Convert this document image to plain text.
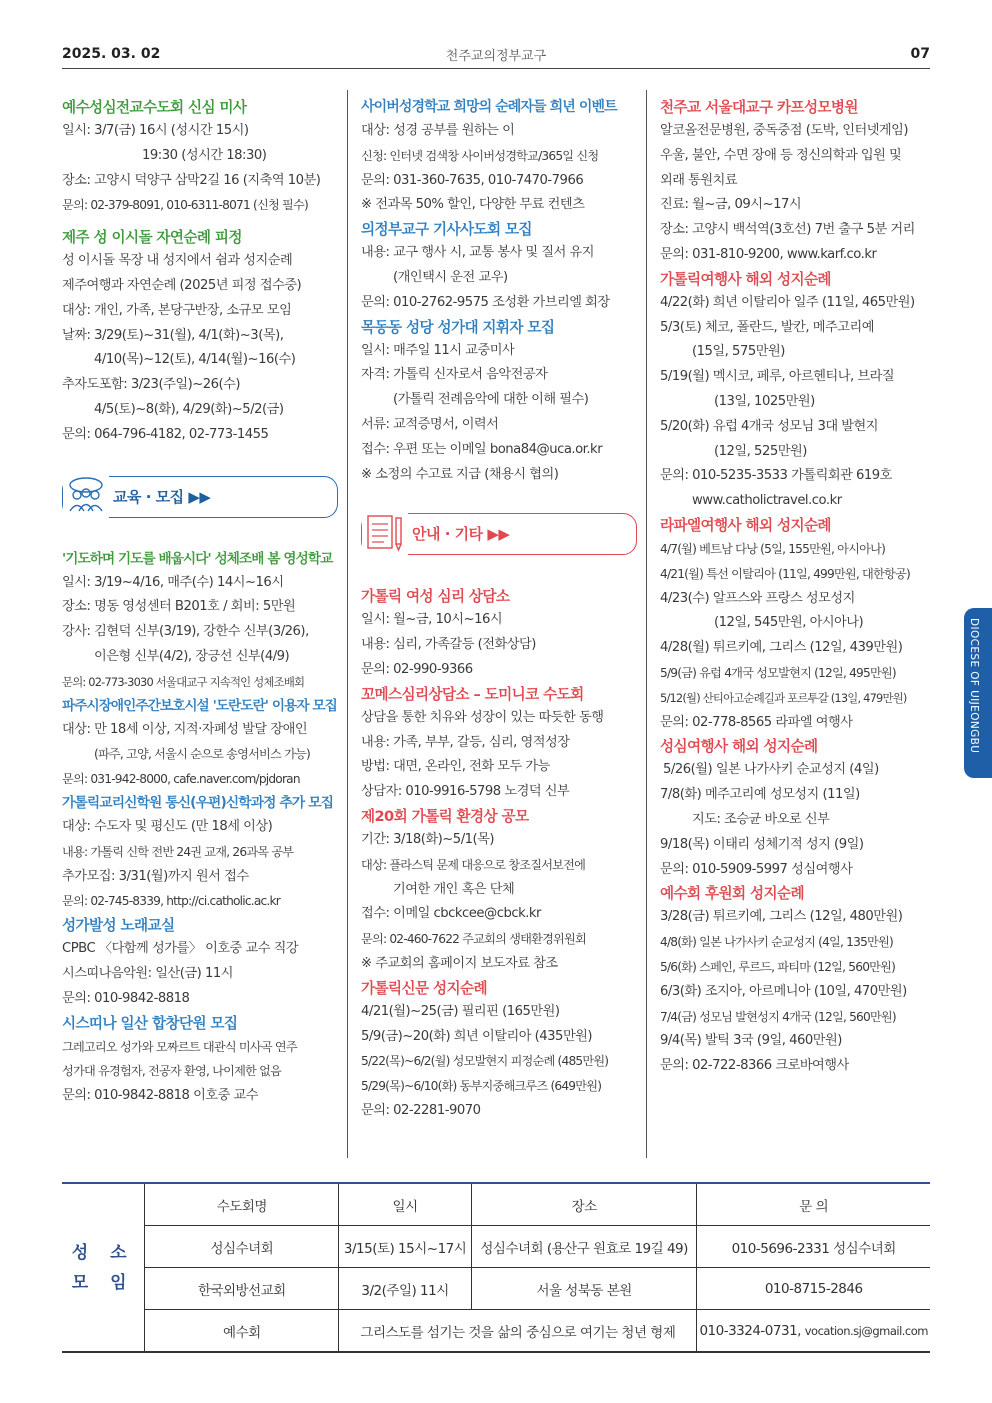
2025. 03. 02	천주교의정부교구	07

예수성심전교수도회 신심 미사

일시: 3/7(금) 16시 (성시간 15시)

19:30 (성시간 18:30)

장소: 고양시 덕양구 삼막2길 16 (지축역 10분)

문의: 02-379-8091, 010-6311-8071 (신청 필수)

제주 성 이시돌 자연순례 피정

성 이시돌 목장 내 성지에서 쉼과 성지순례

제주여행과 자연순례 (2025년 피정 접수중)

대상: 개인, 가족, 본당구반장, 소규모 모임

날짜: 3/29(토)~31(월), 4/1(화)~3(목),

4/10(목)~12(토), 4/14(월)~16(수)

추자도포함: 3/23(주일)~26(수)

4/5(토)~8(화), 4/29(화)~5/2(금)

문의: 064-796-4182, 02-773-1455

교육 · 모집 ▶▶

'기도하며 기도를 배웁시다' 성체조배 봄 영성학교

일시: 3/19~4/16, 매주(수) 14시~16시

장소: 명동 영성센터 B201호 / 회비: 5만원

강사: 김현덕 신부(3/19), 강한수 신부(3/26),

이은형 신부(4/2), 장긍선 신부(4/9)

문의: 02-773-3030 서울대교구 지속적인 성체조배회

파주시장애인주간보호시설 '도란도란' 이용자 모집

대상: 만 18세 이상, 지적·자폐성 발달 장애인

(파주, 고양, 서울시 순으로 송영서비스 가능)

문의: 031-942-8000, cafe.naver.com/pjdoran

가톨릭교리신학원 통신(우편)신학과정 추가 모집

대상: 수도자 및 평신도 (만 18세 이상)

내용: 가톨릭 신학 전반 24권 교재, 26과목 공부

추가모집: 3/31(월)까지 원서 접수

문의: 02-745-8339, http://ci.catholic.ac.kr

성가발성 노래교실

CPBC 〈다함께 성가를〉 이호중 교수 직강

시스띠나음악원: 일산(금) 11시

문의: 010-9842-8818

시스띠나 일산 합창단원 모집

그레고리오 성가와 모짜르트 대관식 미사곡 연주

성가대 유경험자, 전공자 환영, 나이제한 없음

문의: 010-9842-8818 이호중 교수

사이버성경학교 희망의 순례자들 희년 이벤트

대상: 성경 공부를 원하는 이

신청: 인터넷 검색창 사이버성경학교/365일 신청

문의: 031-360-7635, 010-7470-7966

※ 전과목 50% 할인, 다양한 무료 컨텐츠

의정부교구 기사사도회 모집

내용: 교구 행사 시, 교통 봉사 및 질서 유지

(개인택시 운전 교우)

문의: 010-2762-9575 조성환 가브리엘 회장

목동동 성당 성가대 지휘자 모집

일시: 매주일 11시 교중미사

자격: 가톨릭 신자로서 음악전공자

(가톨릭 전례음악에 대한 이해 필수)

서류: 교적증명서, 이력서

접수: 우편 또는 이메일 bona84@uca.or.kr

※ 소정의 수고료 지급 (채용시 협의)

안내 · 기타 ▶▶

가톨릭 여성 심리 상담소

일시: 월~금, 10시~16시

내용: 심리, 가족갈등 (전화상담)

문의: 02-990-9366

꼬메스심리상담소 – 도미니코 수도회

상담을 통한 치유와 성장이 있는 따듯한 동행

내용: 가족, 부부, 갈등, 심리, 영적성장

방법: 대면, 온라인, 전화 모두 가능

상담자: 010-9916-5798 노경덕 신부

제20회 가톨릭 환경상 공모

기간: 3/18(화)~5/1(목)

대상: 플라스틱 문제 대응으로 창조질서보전에

기여한 개인 혹은 단체

접수: 이메일 cbckcee@cbck.kr

문의: 02-460-7622 주교회의 생태환경위원회

※ 주교회의 홈페이지 보도자료 참조

가톨릭신문 성지순례

4/21(월)~25(금) 필리핀 (165만원)

5/9(금)~20(화) 희년 이탈리아 (435만원)

5/22(목)~6/2(월) 성모발현지 피정순례 (485만원)

5/29(목)~6/10(화) 동부지중해크루즈 (649만원)

문의: 02-2281-9070

천주교 서울대교구 카프성모병원

알코올전문병원, 중독중점 (도박, 인터넷게임)

우울, 불안, 수면 장애 등 정신의학과 입원 및

외래 통원치료

진료: 월~금, 09시~17시

장소: 고양시 백석역(3호선) 7번 출구 5분 거리

문의: 031-810-9200, www.karf.co.kr

가톨릭여행사 해외 성지순례

4/22(화) 희년 이탈리아 일주 (11일, 465만원)

5/3(토) 체코, 폴란드, 발칸, 메주고리예

(15일, 575만원)

5/19(월) 멕시코, 페루, 아르헨티나, 브라질

(13일, 1025만원)

5/20(화) 유럽 4개국 성모님 3대 발현지

(12일, 525만원)

문의: 010-5235-3533 가톨릭회관 619호

www.catholictravel.co.kr

라파엘여행사 해외 성지순례

4/7(월) 베트남 다낭 (5일, 155만원, 아시아나)

4/21(월) 특선 이탈리아 (11일, 499만원, 대한항공)

4/23(수) 알프스와 프랑스 성모성지

(12일, 545만원, 아시아나)

4/28(월) 튀르키예, 그리스 (12일, 439만원)

5/9(금) 유럽 4개국 성모발현지 (12일, 495만원)

5/12(월) 산티아고순례길과 포르투갈 (13일, 479만원)

문의: 02-778-8565 라파엘 여행사

성심여행사 해외 성지순례

5/26(월) 일본 나가사키 순교성지 (4일)

7/8(화) 메주고리예 성모성지 (11일)

지도: 조승균 바오로 신부

9/18(목) 이태리 성체기적 성지 (9일)

문의: 010-5909-5997 성심여행사

예수회 후원회 성지순례

3/28(금) 튀르키예, 그리스 (12일, 480만원)

4/8(화) 일본 나가사키 순교성지 (4일, 135만원)

5/6(화) 스페인, 루르드, 파티마 (12일, 560만원)

6/3(화) 조지아, 아르메니아 (10일, 470만원)

7/4(금) 성모님 발현성지 4개국 (12일, 560만원)

9/4(목) 발틱 3국 (9일, 460만원)

문의: 02-722-8366 크로바여행사

DIOCESE OF UIJEONGBU
성 소
모 임	수도회명	일시	장소	문 의
	성심수녀회	3/15(토) 15시~17시	성심수녀회 (용산구 원효로 19길 49)	010-5696-2331 성심수녀회
	한국외방선교회	3/2(주일) 11시	서울 성북동 본원	010-8715-2846
	예수회	그리스도를 섬기는 것을 삶의 중심으로 여기는 청년 형제		010-3324-0731, vocation.sj@gmail.com
